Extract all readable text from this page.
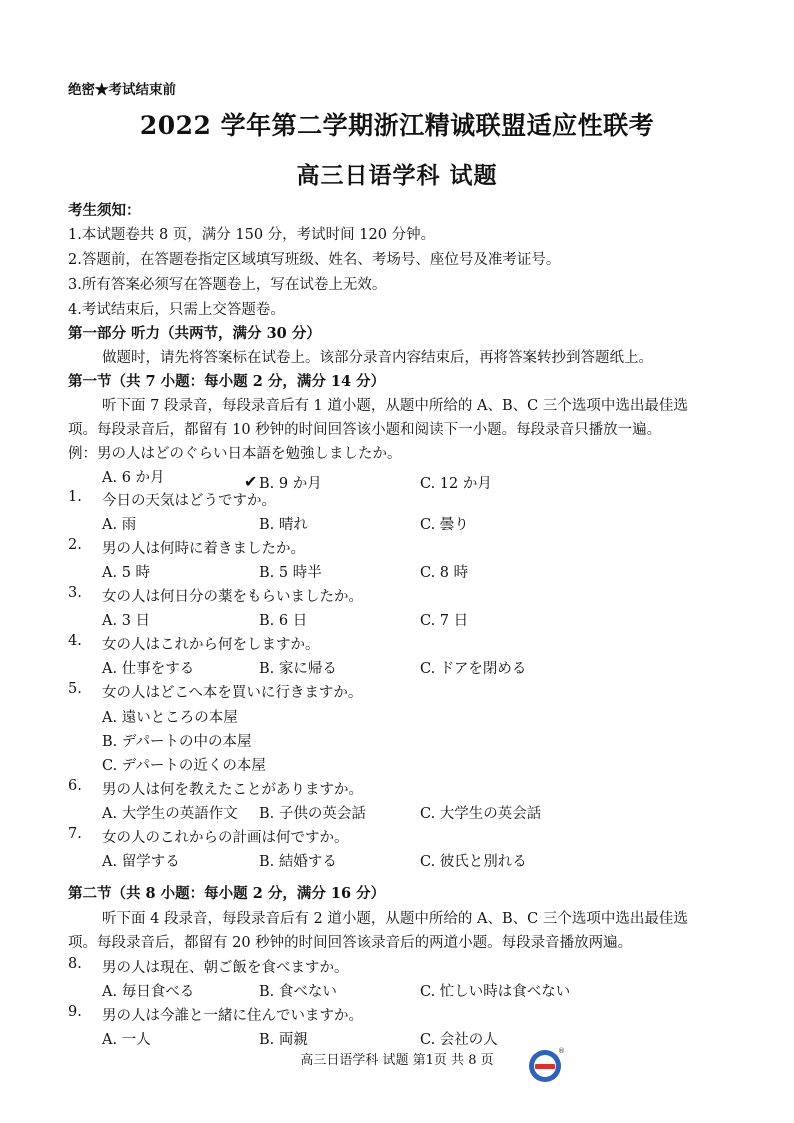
绝密★考试结束前
2022 学年第二学期浙江精诚联盟适应性联考
高三日语学科 试题
考生须知：
1.本试题卷共 8 页，满分 150 分，考试时间 120 分钟。
2.答题前，在答题卷指定区域填写班级、姓名、考场号、座位号及准考证号。
3.所有答案必须写在答题卷上，写在试卷上无效。
4.考试结束后，只需上交答题卷。
第一部分 听力（共两节，满分 30 分）
做题时，请先将答案标在试卷上。该部分录音内容结束后，再将答案转抄到答题纸上。
第一节（共 7 小题：每小题 2 分，满分 14 分）
听下面 7 段录音，每段录音后有 1 道小题，从题中所给的 A、B、C 三个选项中选出最佳选
项。每段录音后，都留有 10 秒钟的时间回答该小题和阅读下一小题。每段录音只播放一遍。
例：男の人はどのぐらい日本語を勉強しましたか。
A. 6 か月	✔ B. 9 か月	C. 12 か月
1. 今日の天気はどうですか。
A. 雨	B. 晴れ	C. 曇り
2. 男の人は何時に着きましたか。
A. 5 時	B. 5 時半	C. 8 時
3. 女の人は何日分の薬をもらいましたか。
A. 3 日	B. 6 日	C. 7 日
4. 女の人はこれから何をしますか。
A. 仕事をする	B. 家に帰る	C. ドアを閉める
5. 女の人はどこへ本を買いに行きますか。
A. 遠いところの本屋
B. デパートの中の本屋
C. デパートの近くの本屋
6. 男の人は何を教えたことがありますか。
A. 大学生の英語作文 B. 子供の英会話	C. 大学生の英会話
7. 女の人のこれからの計画は何ですか。
A. 留学する	B. 結婚する	C. 彼氏と別れる
第二节（共 8 小题：每小题 2 分，满分 16 分）
听下面 4 段录音，每段录音后有 2 道小题，从题中所给的 A、B、C 三个选项中选出最佳选
项。每段录音后，都留有 20 秒钟的时间回答该录音后的两道小题。每段录音播放两遍。
8. 男の人は現在、朝ご飯を食べますか。
A. 毎日食べる	B. 食べない	C. 忙しい時は食べない
9. 男の人は今誰と一緒に住んでいますか。
A. 一人	B. 両親	C. 会社の人
高三日语学科 试题 第1页 共 8 页
®
